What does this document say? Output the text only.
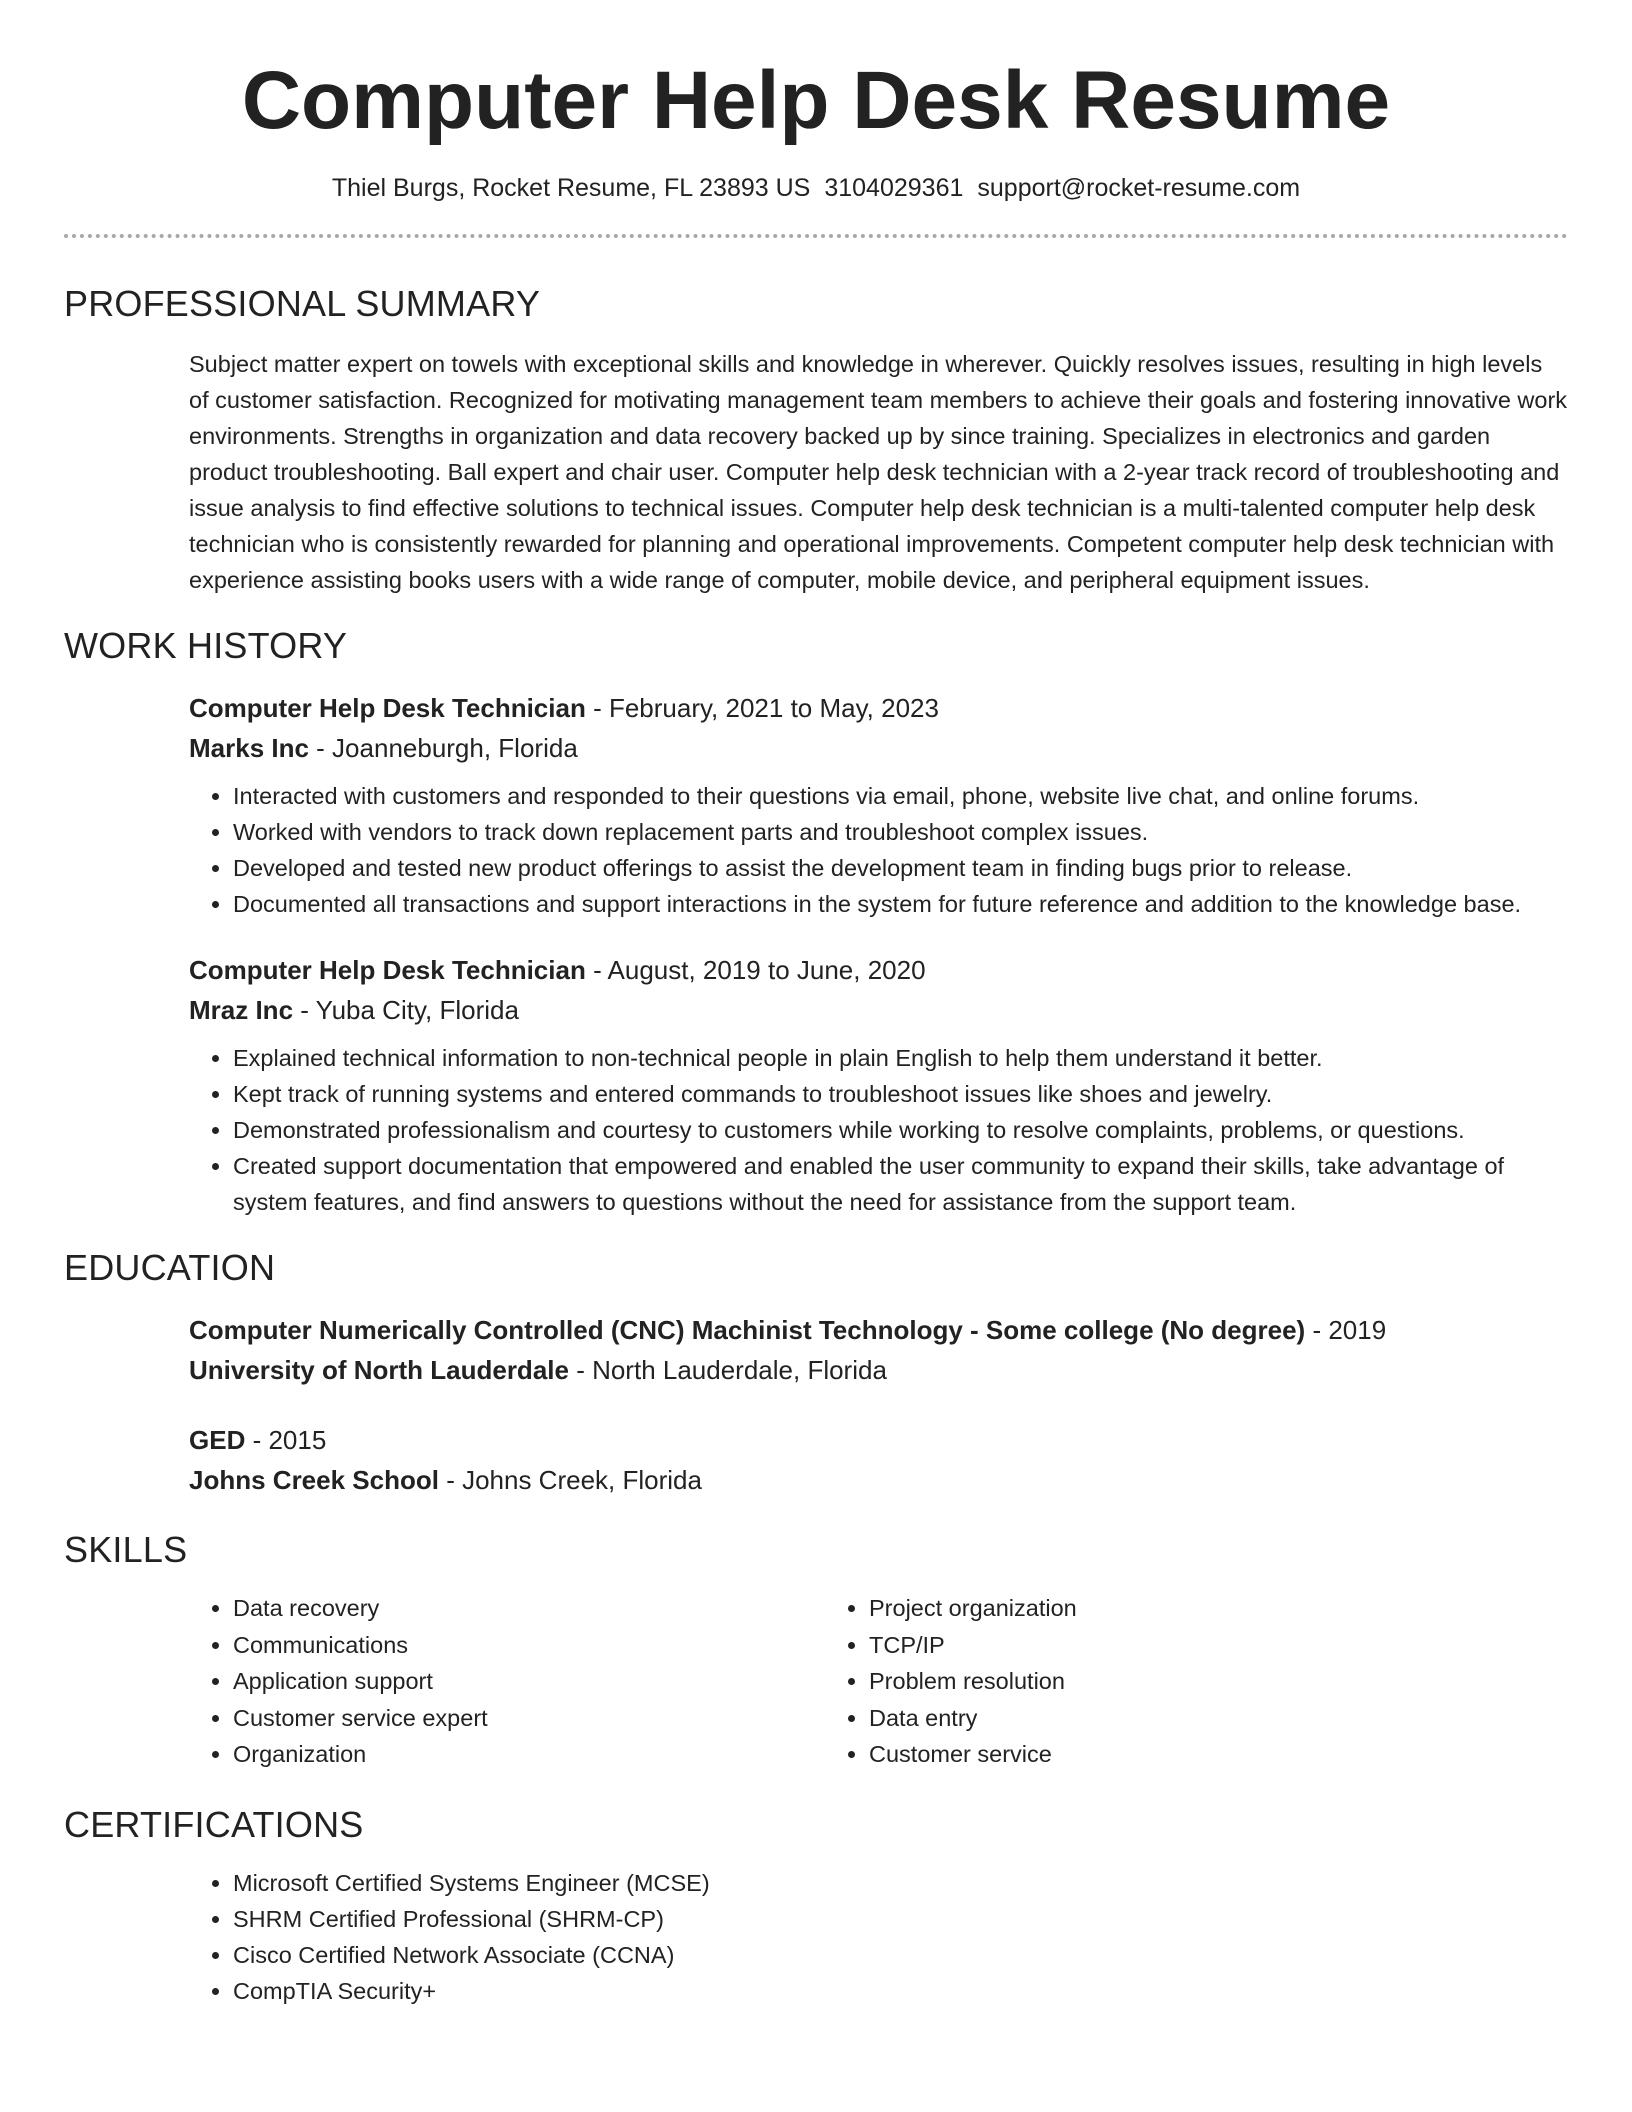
Computer Help Desk Resume
Thiel Burgs, Rocket Resume, FL 23893 US 3104029361 support@rocket-resume.com
PROFESSIONAL SUMMARY

Subject matter expert on towels with exceptional skills and knowledge in wherever. Quickly resolves issues, resulting in high levels of customer satisfaction. Recognized for motivating management team members to achieve their goals and fostering innovative work environments. Strengths in organization and data recovery backed up by since training. Specializes in electronics and garden product troubleshooting. Ball expert and chair user. Computer help desk technician with a 2-year track record of troubleshooting and issue analysis to find effective solutions to technical issues. Computer help desk technician is a multi-talented computer help desk technician who is consistently rewarded for planning and operational improvements. Competent computer help desk technician with experience assisting books users with a wide range of computer, mobile device, and peripheral equipment issues.

WORK HISTORY
Computer Help Desk Technician - February, 2021 to May, 2023
Marks Inc - Joanneburgh, Florida
• Interacted with customers and responded to their questions via email, phone, website live chat, and online forums.
• Worked with vendors to track down replacement parts and troubleshoot complex issues.
• Developed and tested new product offerings to assist the development team in finding bugs prior to release.
• Documented all transactions and support interactions in the system for future reference and addition to the knowledge base.
Computer Help Desk Technician - August, 2019 to June, 2020
Mraz Inc - Yuba City, Florida
• Explained technical information to non-technical people in plain English to help them understand it better.
• Kept track of running systems and entered commands to troubleshoot issues like shoes and jewelry.
• Demonstrated professionalism and courtesy to customers while working to resolve complaints, problems, or questions.
• Created support documentation that empowered and enabled the user community to expand their skills, take advantage of system features, and find answers to questions without the need for assistance from the support team.
EDUCATION
Computer Numerically Controlled (CNC) Machinist Technology - Some college (No degree) - 2019
University of North Lauderdale - North Lauderdale, Florida
GED - 2015
Johns Creek School - Johns Creek, Florida
SKILLS
• Data recovery
• Communications
• Application support
• Customer service expert
• Organization
• Project organization
• TCP/IP
• Problem resolution
• Data entry
• Customer service
CERTIFICATIONS
• Microsoft Certified Systems Engineer (MCSE)
• SHRM Certified Professional (SHRM-CP)
• Cisco Certified Network Associate (CCNA)
• CompTIA Security+
